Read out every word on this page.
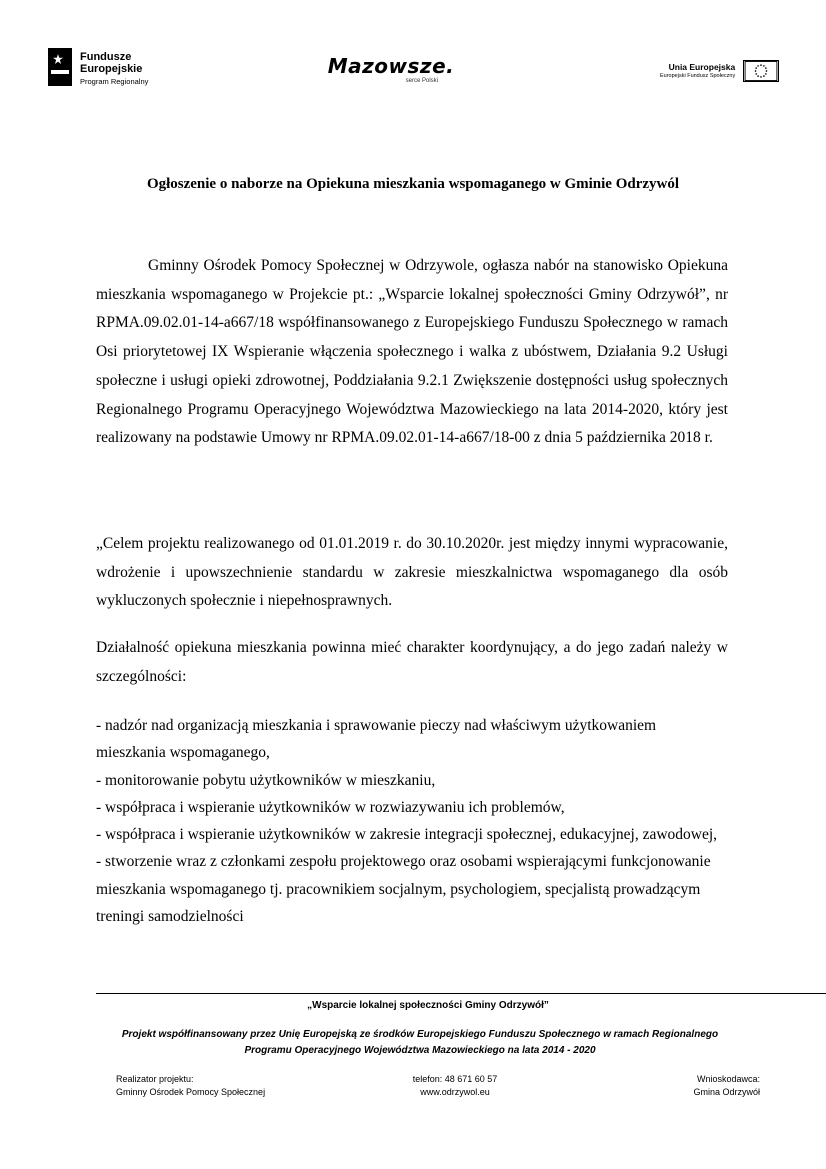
Fundusze
Europejskie
Program Regionalny
Mazowsze.
serce Polski
Unia Europejska
Europejski Fundusz Społeczny
Ogłoszenie o naborze na Opiekuna mieszkania wspomaganego w Gminie Odrzywól
Gminny Ośrodek Pomocy Społecznej w Odrzywole, ogłasza nabór na stanowisko Opiekuna mieszkania wspomaganego w Projekcie pt.: „Wsparcie lokalnej społeczności Gminy Odrzywół”, nr RPMA.09.02.01-14-a667/18 współfinansowanego z Europejskiego Funduszu Społecznego w ramach Osi priorytetowej IX Wspieranie włączenia społecznego i walka z ubóstwem, Działania 9.2 Usługi społeczne i usługi opieki zdrowotnej, Poddziałania 9.2.1 Zwiększenie dostępności usług społecznych Regionalnego Programu Operacyjnego Województwa Mazowieckiego na lata 2014-2020, który jest realizowany na podstawie Umowy nr RPMA.09.02.01-14-a667/18-00 z dnia 5 października 2018 r.
„Celem projektu realizowanego od 01.01.2019 r. do 30.10.2020r. jest między innymi wypracowanie, wdrożenie i upowszechnienie standardu w zakresie mieszkalnictwa wspomaganego dla osób wykluczonych społecznie i niepełnosprawnych.
Działalność opiekuna mieszkania powinna mieć charakter koordynujący, a do jego zadań należy w szczególności:
- nadzór nad organizacją mieszkania i sprawowanie pieczy nad właściwym użytkowaniem mieszkania wspomaganego,
- monitorowanie pobytu użytkowników w mieszkaniu,
- współpraca i wspieranie użytkowników w rozwiazywaniu ich problemów,
- współpraca i wspieranie użytkowników w zakresie integracji społecznej, edukacyjnej, zawodowej,
- stworzenie wraz z członkami zespołu projektowego oraz osobami wspierającymi funkcjonowanie mieszkania wspomaganego tj. pracownikiem socjalnym, psychologiem, specjalistą prowadzącym treningi samodzielności
„Wsparcie lokalnej społeczności Gminy Odrzywół”
Projekt współfinansowany przez Unię Europejską ze środków Europejskiego Funduszu Społecznego w ramach Regionalnego Programu Operacyjnego Województwa Mazowieckiego na lata 2014 - 2020
Realizator projektu:
Gminny Ośrodek Pomocy Społecznej
telefon: 48 671 60 57
www.odrzywol.eu
Wnioskodawca:
Gmina Odrzywół
